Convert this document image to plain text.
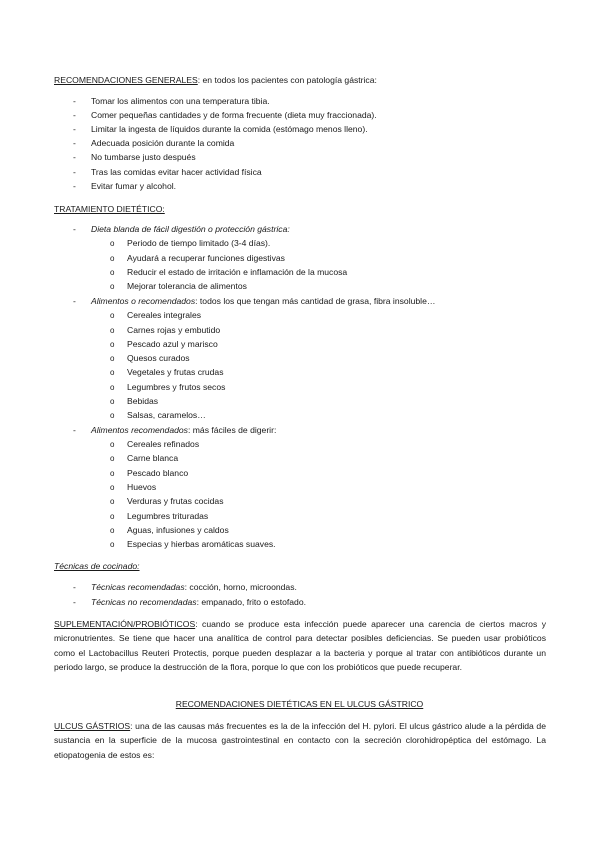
RECOMENDACIONES GENERALES: en todos los pacientes con patología gástrica:
- Tomar los alimentos con una temperatura tibia.
- Comer pequeñas cantidades y de forma frecuente (dieta muy fraccionada).
- Limitar la ingesta de líquidos durante la comida (estómago menos lleno).
- Adecuada posición durante la comida
- No tumbarse justo después
- Tras las comidas evitar hacer actividad física
- Evitar fumar y alcohol.
TRATAMIENTO DIETÉTICO:
- Dieta blanda de fácil digestión o protección gástrica:
o Periodo de tiempo limitado (3-4 días).
o Ayudará a recuperar funciones digestivas
o Reducir el estado de irritación e inflamación de la mucosa
o Mejorar tolerancia de alimentos
- Alimentos o recomendados: todos los que tengan más cantidad de grasa, fibra insoluble…
o Cereales integrales
o Carnes rojas y embutido
o Pescado azul y marisco
o Quesos curados
o Vegetales y frutas crudas
o Legumbres y frutos secos
o Bebidas
o Salsas, caramelos…
- Alimentos recomendados: más fáciles de digerir:
o Cereales refinados
o Carne blanca
o Pescado blanco
o Huevos
o Verduras y frutas cocidas
o Legumbres trituradas
o Aguas, infusiones y caldos
o Especias y hierbas aromáticas suaves.
Técnicas de cocinado:
- Técnicas recomendadas: cocción, horno, microondas.
- Técnicas no recomendadas: empanado, frito o estofado.
SUPLEMENTACIÓN/PROBIÓTICOS: cuando se produce esta infección puede aparecer una carencia de ciertos macros y micronutrientes. Se tiene que hacer una analítica de control para detectar posibles deficiencias. Se pueden usar probióticos como el Lactobacillus Reuteri Protectis, porque pueden desplazar a la bacteria y porque al tratar con antibióticos durante un periodo largo, se produce la destrucción de la flora, porque lo que con los probióticos que puede recuperar.
RECOMENDACIONES DIETÉTICAS EN EL ULCUS GÁSTRICO
ULCUS GÁSTRIOS: una de las causas más frecuentes es la de la infección del H. pylori. El ulcus gástrico alude a la pérdida de sustancia en la superficie de la mucosa gastrointestinal en contacto con la secreción clorohidropéptica del estómago. La etiopatogenia de estos es:
